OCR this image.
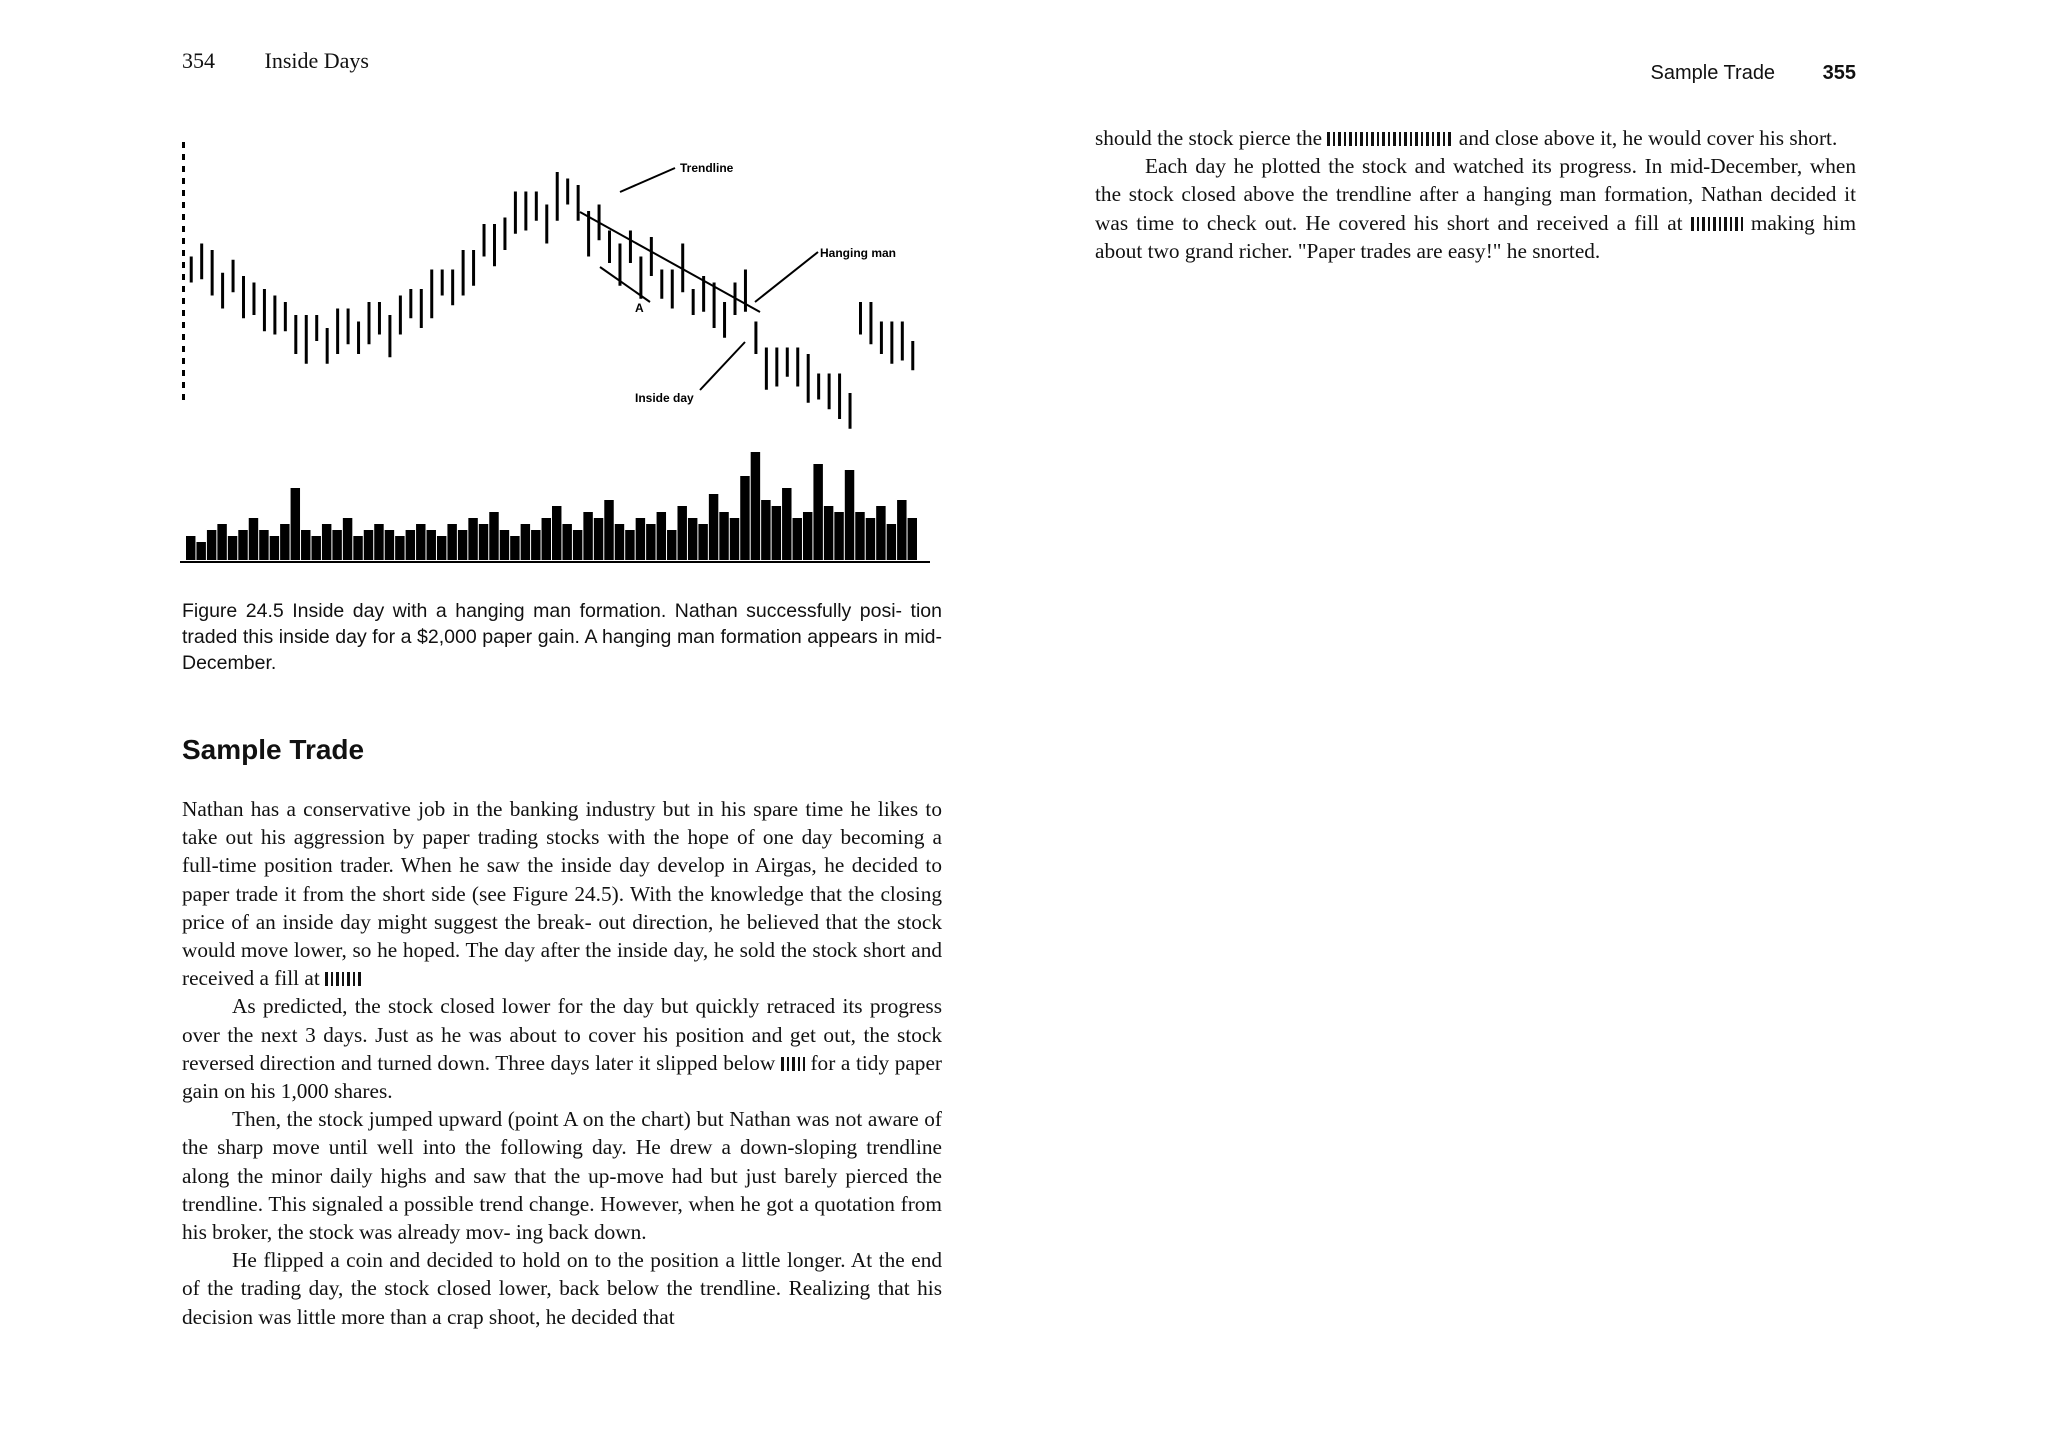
354 Inside Days
Hanging man
Inside day
Trendline
A
Figure 24.5 Inside day with a hanging man formation. Nathan successfully posi- tion traded this inside day for a $2,000 paper gain. A hanging man formation appears in mid-December.
Sample Trade

Nathan has a conservative job in the banking industry but in his spare time he likes to take out his aggression by paper trading stocks with the hope of one day becoming a full-time position trader. When he saw the inside day develop in Airgas, he decided to paper trade it from the short side (see Figure 24.5). With the knowledge that the closing price of an inside day might suggest the break- out direction, he believed that the stock would move lower, so he hoped. The day after the inside day, he sold the stock short and received a fill at

As predicted, the stock closed lower for the day but quickly retraced its progress over the next 3 days. Just as he was about to cover his position and get out, the stock reversed direction and turned down. Three days later it slipped below for a tidy paper gain on his 1,000 shares.

Then, the stock jumped upward (point A on the chart) but Nathan was not aware of the sharp move until well into the following day. He drew a down-sloping trendline along the minor daily highs and saw that the up-move had but just barely pierced the trendline. This signaled a possible trend change. However, when he got a quotation from his broker, the stock was already mov- ing back down.

He flipped a coin and decided to hold on to the position a little longer. At the end of the trading day, the stock closed lower, back below the trendline. Realizing that his decision was little more than a crap shoot, he decided that

Sample Trade 355

should the stock pierce the	and close above it, he would cover his short.

Each day he plotted the stock and watched its progress. In mid-December, when the stock closed above the trendline after a hanging man formation, Nathan decided it was time to check out. He covered his short and received a fill at	making him about two grand richer. "Paper trades are easy!" he snorted.
